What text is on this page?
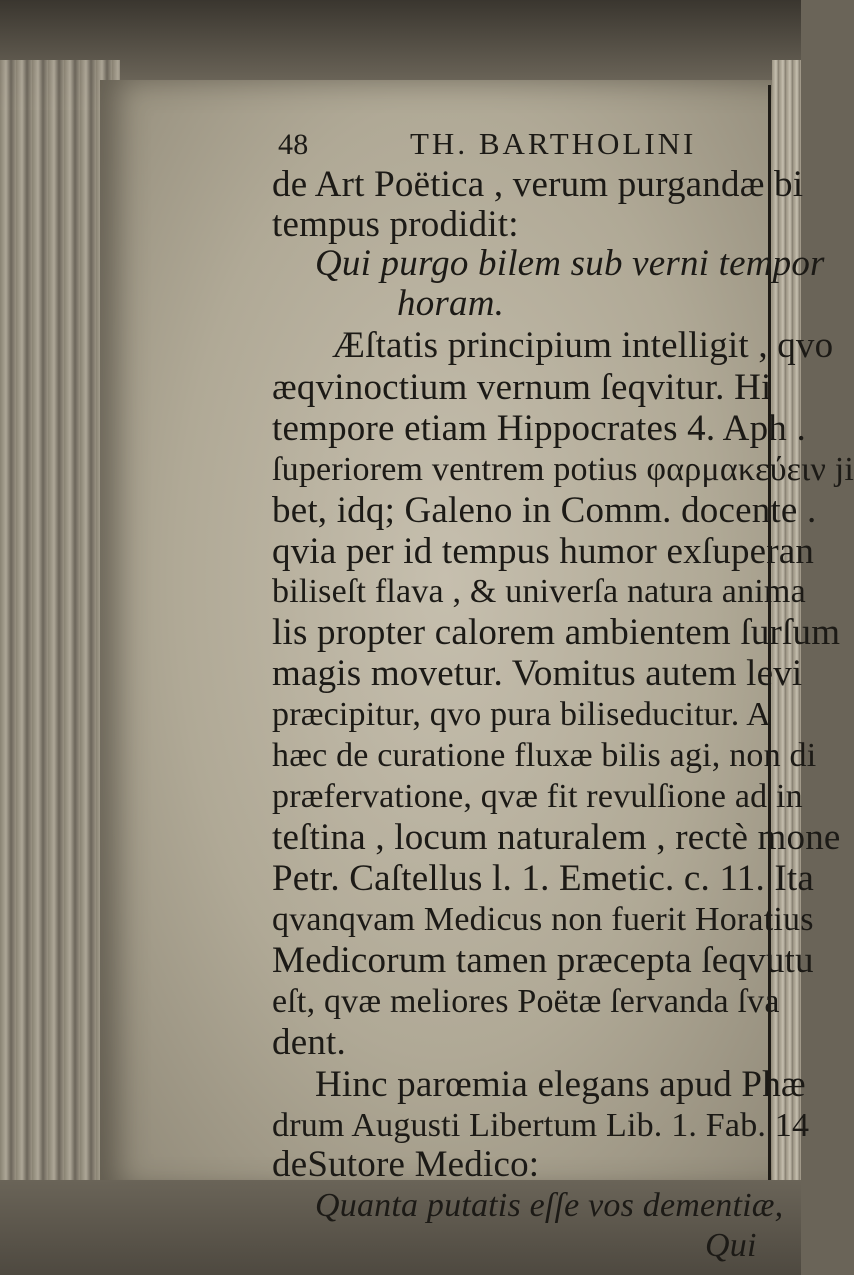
48	TH. BARTHOLINI
de Art Poëtica , verum purgandæ bi
tempus prodidit:
Qui purgo bilem sub verni tempor
horam.
Æſtatis principium intelligit , qvo
æqvinoctium vernum ſeqvitur. Hi
tempore etiam Hippocrates 4. Aph .
ſuperiorem ventrem potius φαρμακεύειν ji
bet, idq; Galeno in Comm. docente .
qvia per id tempus humor exſuperan
biliseſt flava , & univerſa natura anima
lis propter calorem ambientem ſurſum
magis movetur. Vomitus autem levi
præcipitur, qvo pura biliseducitur. A
hæc de curatione fluxæ bilis agi, non di
præfervatione, qvæ fit revulſione ad in
teſtina , locum naturalem , rectè mone
Petr. Caſtellus l. 1. Emetic. c. 11. Ita
qvanqvam Medicus non fuerit Horatius
Medicorum tamen præcepta ſeqvutu
eſt, qvæ meliores Poëtæ ſervanda ſva
dent.
Hinc parœmia elegans apud Phæ
drum Augusti Libertum Lib. 1. Fab. 14
deSutore Medico:
Quanta putatis eſſe vos dementiæ,
Qui
